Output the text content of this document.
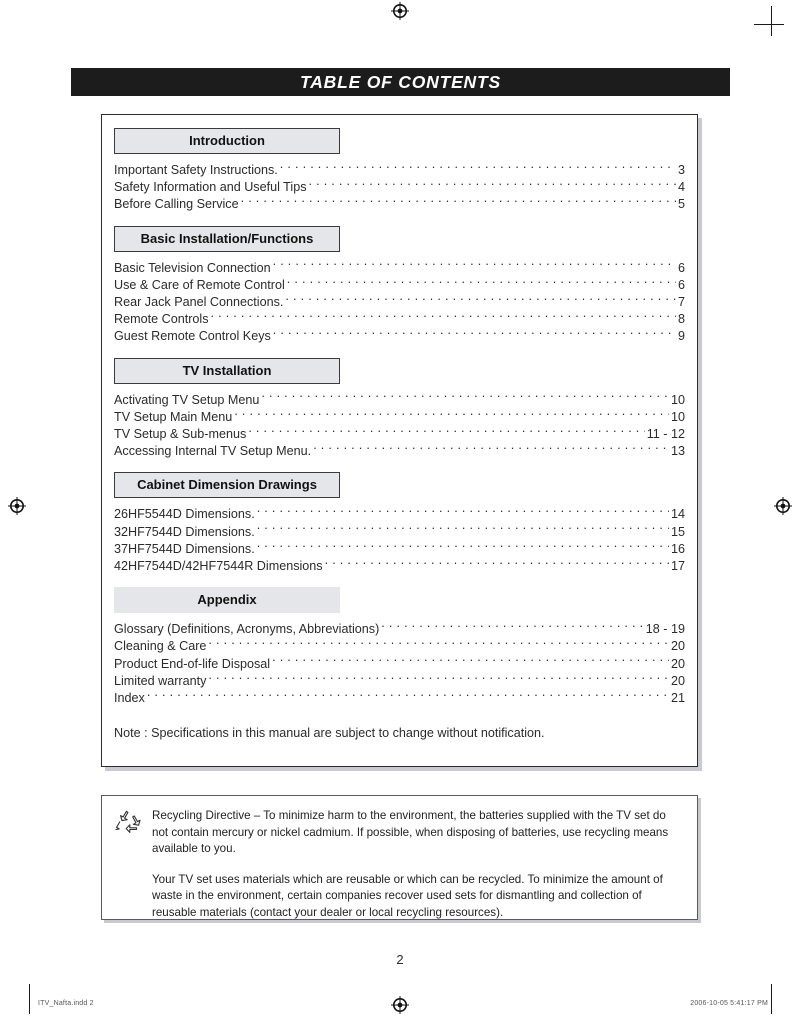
TABLE OF CONTENTS
Introduction
Important Safety Instructions. . . .	3
Safety Information and Useful Tips . . .	4
Before Calling Service . . .	5
Basic Installation/Functions
Basic Television Connection . . .	6
Use & Care of Remote Control . . .	6
Rear Jack Panel Connections. . . .	7
Remote Controls . . .	8
Guest Remote Control Keys . . .	9
TV Installation
Activating TV Setup Menu . . .	10
TV Setup Main Menu . . .	10
TV Setup & Sub-menus . . .	11 - 12
Accessing Internal TV Setup Menu. . . .	13
Cabinet Dimension Drawings
26HF5544D Dimensions. . . .	14
32HF7544D Dimensions. . . .	15
37HF7544D Dimensions. . . .	16
42HF7544D/42HF7544R Dimensions . . .	17
Appendix
Glossary (Definitions, Acronyms, Abbreviations) . . .	18 - 19
Cleaning & Care . . .	20
Product End-of-life Disposal . . .	20
Limited warranty . . .	20
Index . . .	21
Note : Specifications in this manual are subject to change without notification.

Recycling Directive – To minimize harm to the environment, the batteries supplied with the TV set do not contain mercury or nickel cadmium. If possible, when disposing of batteries, use recycling means available to you.

Your TV set uses materials which are reusable or which can be recycled. To minimize the amount of waste in the environment, certain companies recover used sets for dismantling and collection of reusable materials (contact your dealer or local recycling resources).

2
ITV_Nafta.indd 2	2006-10-05 5:41:17 PM
